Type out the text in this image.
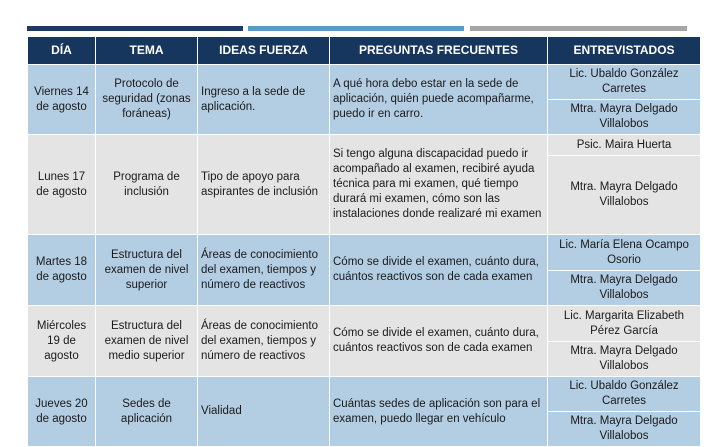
DÍA	TEMA	IDEAS FUERZA	PREGUNTAS FRECUENTES	ENTREVISTADOS
Viernes 14 de agosto	Protocolo de seguridad (zonas foráneas)	Ingreso a la sede de aplicación.	A qué hora debo estar en la sede de aplicación, quién puede acompañarme, puedo ir en carro.	Lic. Ubaldo González Carretes
				Mtra. Mayra Delgado Villalobos
Lunes 17 de agosto	Programa de inclusión	Tipo de apoyo para aspirantes de inclusión	Si tengo alguna discapacidad puedo ir acompañado al examen, recibiré ayuda técnica para mi examen, qué tiempo durará mi examen, cómo son las instalaciones donde realizaré mi examen	Psic. Maira Huerta
				Mtra. Mayra Delgado Villalobos
Martes 18 de agosto	Estructura del examen de nivel superior	Áreas de conocimiento del examen, tiempos y número de reactivos	Cómo se divide el examen, cuánto dura, cuántos reactivos son de cada examen	Lic. María Elena Ocampo Osorio
				Mtra. Mayra Delgado Villalobos
Miércoles 19 de agosto	Estructura del examen de nivel medio superior	Áreas de conocimiento del examen, tiempos y número de reactivos	Cómo se divide el examen, cuánto dura, cuántos reactivos son de cada examen	Lic. Margarita Elizabeth Pérez García
				Mtra. Mayra Delgado Villalobos
Jueves 20 de agosto	Sedes de aplicación	Vialidad	Cuántas sedes de aplicación son para el examen, puedo llegar en vehículo	Lic. Ubaldo González Carretes
				Mtra. Mayra Delgado Villalobos
